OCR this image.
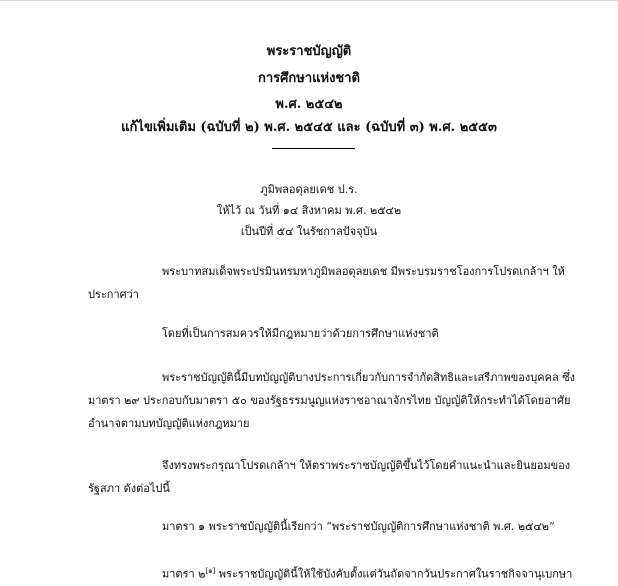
พระราชบัญญัติ
การศึกษาแห่งชาติ
พ.ศ. ๒๕๔๒
แก้ไขเพิ่มเติม (ฉบับที่ ๒) พ.ศ. ๒๕๔๕ และ (ฉบับที่ ๓) พ.ศ. ๒๕๕๓
ภูมิพลอดุลยเดช ป.ร.
ให้ไว้ ณ วันที่ ๑๔ สิงหาคม พ.ศ. ๒๕๔๒
เป็นปีที่ ๕๔ ในรัชกาลปัจจุบัน
พระบาทสมเด็จพระปรมินทรมหาภูมิพลอดุลยเดช มีพระบรมราชโองการโปรดเกล้าฯ ให้
ประกาศว่า
โดยที่เป็นการสมควรให้มีกฎหมายว่าด้วยการศึกษาแห่งชาติ
พระราชบัญญัตินี้มีบทบัญญัติบางประการเกี่ยวกับการจำกัดสิทธิและเสรีภาพของบุคคล ซึ่ง
มาตรา ๒๙ ประกอบกับมาตรา ๕๐ ของรัฐธรรมนูญแห่งราชอาณาจักรไทย บัญญัติให้กระทำได้โดยอาศัย
อำนาจตามบทบัญญัติแห่งกฎหมาย
จึงทรงพระกรุณาโปรดเกล้าฯ ให้ตราพระราชบัญญัติขึ้นไว้โดยคำแนะนำและยินยอมของ
รัฐสภา ดังต่อไปนี้
มาตรา ๑ พระราชบัญญัตินี้เรียกว่า “พระราชบัญญัติการศึกษาแห่งชาติ พ.ศ. ๒๕๔๒”
มาตรา ๒[๑] พระราชบัญญัตินี้ให้ใช้บังคับตั้งแต่วันถัดจากวันประกาศในราชกิจจานุเบกษา
